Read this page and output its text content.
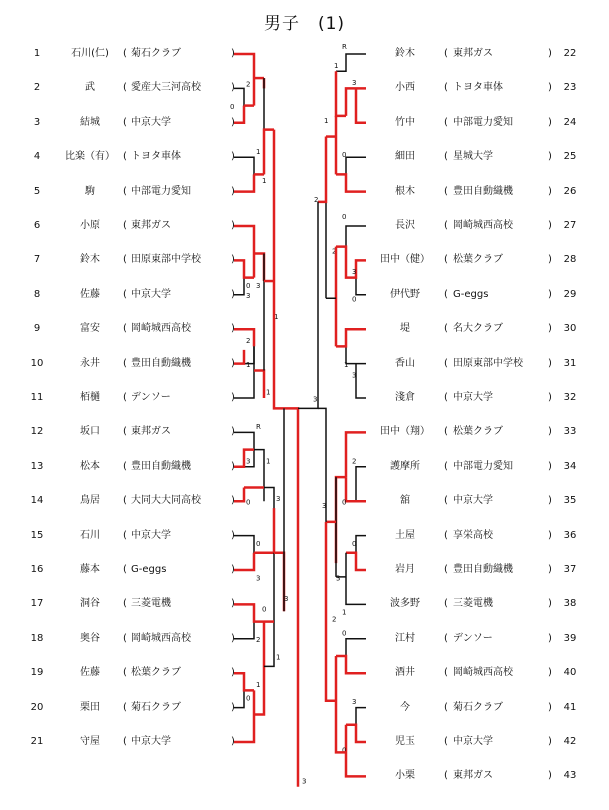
男子　(1)
1	石川(仁)	( 菊石クラブ	)
2	武	( 愛産大三河高校	)
3	結城	( 中京大学	)
4	比楽（有） ( トヨタ車体	)
5	駒	( 中部電力愛知	)
6	小原	( 東邦ガス	)
7	鈴木	( 田原東部中学校	)
8	佐藤	( 中京大学	)
9	富安	( 岡崎城西高校	)
10	永井	( 豊田自動織機	)
11	栢樋	( デンソー	)
12	坂口	( 東邦ガス	)
13	松本	( 豊田自動織機	)
14	鳥居	( 大同大大同高校	)
15	石川	( 中京大学	)
16	藤本	( G-eggs	)
17	洞谷	( 三菱電機	)
18	奥谷	( 岡崎城西高校	)
19	佐藤	( 松葉クラブ	)
20	栗田	( 菊石クラブ	)
21	守屋	( 中京大学	)
鈴木	( 東邦ガス	)	22
小西	( トヨタ車体	)	23
竹中	( 中部電力愛知	)	24
細田	( 星城大学	)	25
根木	( 豊田自動織機	)	26
長沢	( 岡崎城西高校	)	27
田中（健）	( 松葉クラブ	)	28
伊代野	( G-eggs	)	29
堤	( 名大クラブ	)	30
香山	( 田原東部中学校	)	31
淺倉	( 中京大学	)	32
田中（翔）	( 松葉クラブ	)	33
護摩所	( 中部電力愛知	)	34
舘	( 中京大学	)	35
土屋	( 享栄高校	)	36
岩月	( 豊田自動織機	)	37
波多野	( 三菱電機	)	38
江村	( デンソー	)	39
酒井	( 岡崎城西高校	)	40
今	( 菊石クラブ	)	41
児玉	( 中京大学	)	42
小栗	( 東邦ガス	)	43
2
0
1
1
0
3
3
2
1
1
1
R
3 1
0
0
3
3
0
2
0
1
1
3
R
1
3
0
1
0
2
3
0
1
3
2
3
2
0
0
3
1
3
0
3
0
2
3
